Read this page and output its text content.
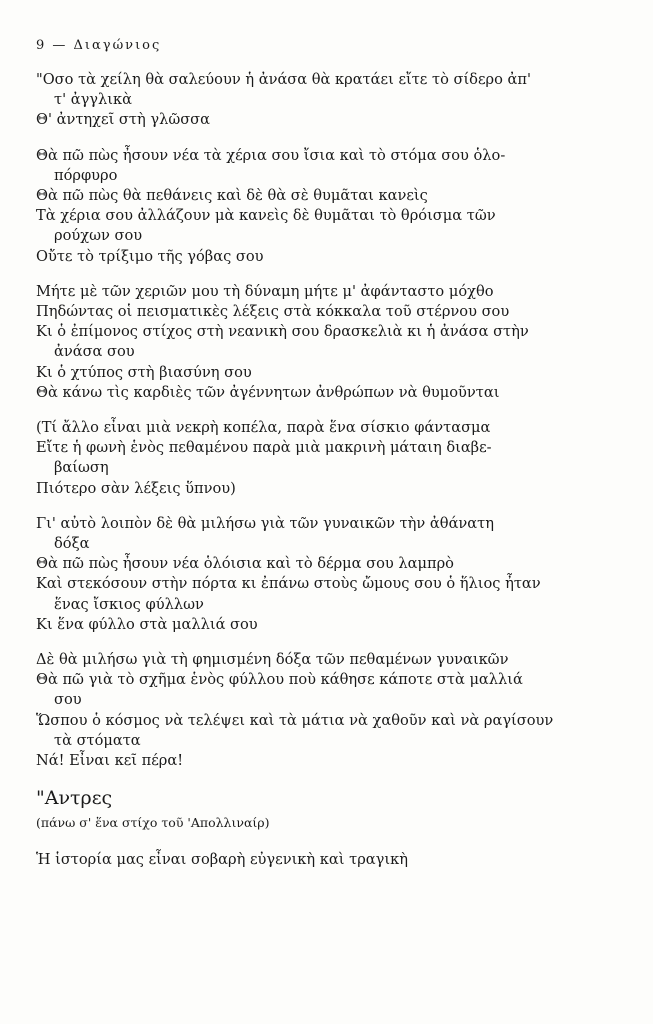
9 — Διαγώνιος
"Οσο τὰ χείλη θὰ σαλεύουν ἡ ἀνάσα θὰ κρατάει εἴτε τὸ σίδερο ἀπ'
τ' ἀγγλικὰ
Θ' ἀντηχεῖ στὴ γλῶσσα
Θὰ πῶ πὼς ἦσουν νέα τὰ χέρια σου ἴσια καὶ τὸ στόμα σου ὁλο-
πόρφυρο
Θὰ πῶ πὼς θὰ πεθάνεις καὶ δὲ θὰ σὲ θυμᾶται κανεὶς
Τὰ χέρια σου ἀλλάζουν μὰ κανεὶς δὲ θυμᾶται τὸ θρόισμα τῶν
ρούχων σου
Οὔτε τὸ τρίξιμο τῆς γόβας σου
Μήτε μὲ τῶν χεριῶν μου τὴ δύναμη μήτε μ' ἀφάνταστο μόχθο
Πηδώντας οἱ πεισματικὲς λέξεις στὰ κόκκαλα τοῦ στέρνου σου
Κι ὁ ἐπίμονος στίχος στὴ νεανικὴ σου δρασκελιὰ κι ἡ ἀνάσα στὴν
ἀνάσα σου
Κι ὁ χτύπος στὴ βιασύνη σου
Θὰ κάνω τὶς καρδιὲς τῶν ἀγέννητων ἀνθρώπων νὰ θυμοῦνται
(Τί ἄλλο εἶναι μιὰ νεκρὴ κοπέλα, παρὰ ἕνα σίσκιο φάντασμα
Εἴτε ἡ φωνὴ ἑνὸς πεθαμένου παρὰ μιὰ μακρινὴ μάταιη διαβε-
βαίωση
Πιότερο σὰν λέξεις ὕπνου)
Γι' αὐτὸ λοιπὸν δὲ θὰ μιλήσω γιὰ τῶν γυναικῶν τὴν ἀθάνατη
δόξα
Θὰ πῶ πὼς ἦσουν νέα ὁλόισια καὶ τὸ δέρμα σου λαμπρὸ
Καὶ στεκόσουν στὴν πόρτα κι ἐπάνω στοὺς ὤμους σου ὁ ἥλιος ἦταν
ἕνας ἴσκιος φύλλων
Κι ἕνα φύλλο στὰ μαλλιά σου
Δὲ θὰ μιλήσω γιὰ τὴ φημισμένη δόξα τῶν πεθαμένων γυναικῶν
Θὰ πῶ γιὰ τὸ σχῆμα ἑνὸς φύλλου ποὺ κάθησε κάποτε στὰ μαλλιά
σου
Ὥσπου ὁ κόσμος νὰ τελέψει καὶ τὰ μάτια νὰ χαθοῦν καὶ νὰ ραγίσουν
τὰ στόματα
Νά! Εἶναι κεῖ πέρα!
"Αντρες
(πάνω σ' ἕνα στίχο τοῦ 'Απολλιναίρ)
Ἡ ἱστορία μας εἶναι σοβαρὴ εὐγενικὴ καὶ τραγικὴ
